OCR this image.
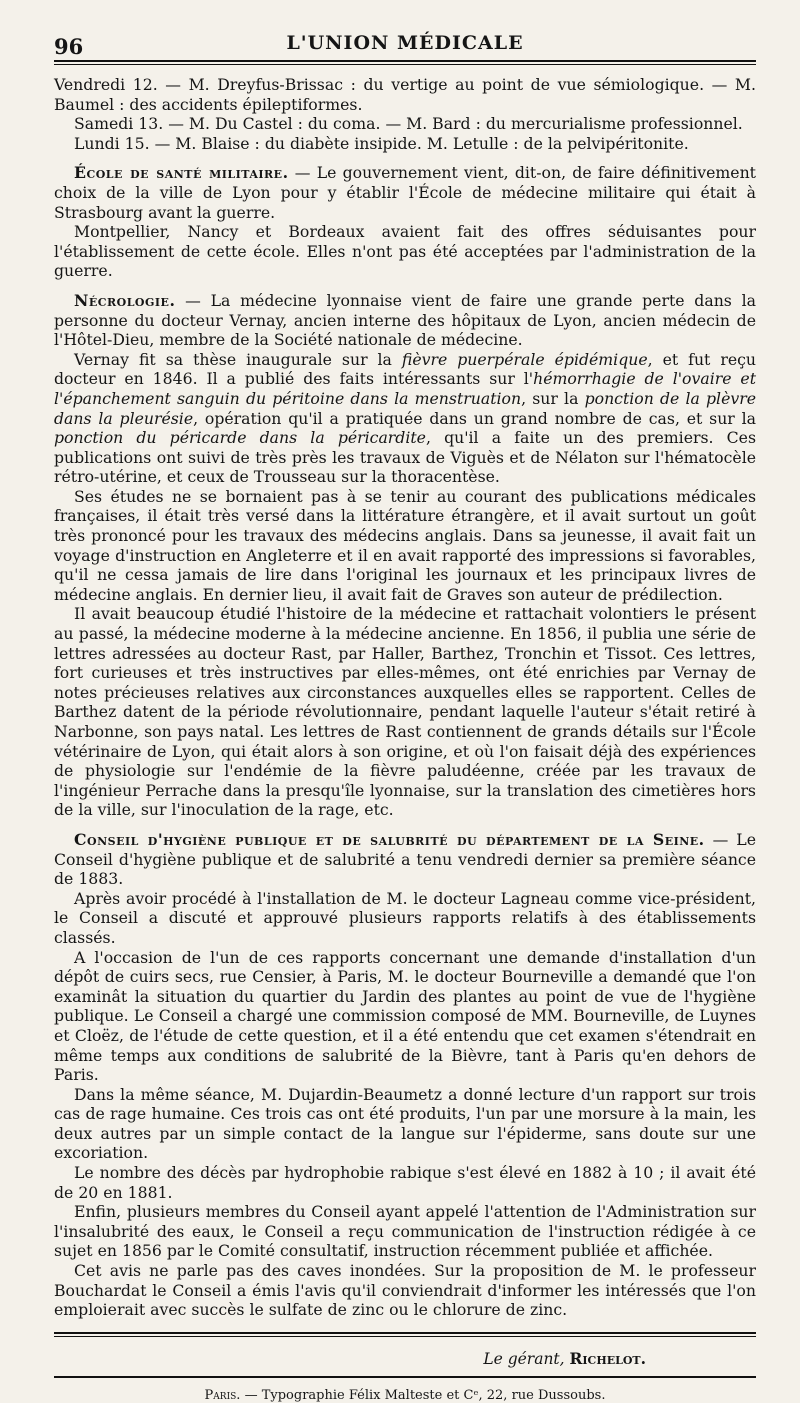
96	L'UNION MÉDICALE

Vendredi 12. — M. Dreyfus-Brissac : du vertige au point de vue sémiologique. — M. Baumel : des accidents épileptiformes.

Samedi 13. — M. Du Castel : du coma. — M. Bard : du mercurialisme professionnel.

Lundi 15. — M. Blaise : du diabète insipide. M. Letulle : de la pelvipéritonite.

École de santé militaire. — Le gouvernement vient, dit-on, de faire définitivement choix de la ville de Lyon pour y établir l'École de médecine militaire qui était à Strasbourg avant la guerre.

Montpellier, Nancy et Bordeaux avaient fait des offres séduisantes pour l'établissement de cette école. Elles n'ont pas été acceptées par l'administration de la guerre.

Nécrologie. — La médecine lyonnaise vient de faire une grande perte dans la personne du docteur Vernay, ancien interne des hôpitaux de Lyon, ancien médecin de l'Hôtel-Dieu, membre de la Société nationale de médecine.

Vernay fit sa thèse inaugurale sur la fièvre puerpérale épidémique, et fut reçu docteur en 1846. Il a publié des faits intéressants sur l'hémorrhagie de l'ovaire et l'épanchement sanguin du péritoine dans la menstruation, sur la ponction de la plèvre dans la pleurésie, opération qu'il a pratiquée dans un grand nombre de cas, et sur la ponction du péricarde dans la péricardite, qu'il a faite un des premiers. Ces publications ont suivi de très près les travaux de Viguès et de Nélaton sur l'hématocèle rétro-utérine, et ceux de Trousseau sur la thoracentèse.

Ses études ne se bornaient pas à se tenir au courant des publications médicales françaises, il était très versé dans la littérature étrangère, et il avait surtout un goût très prononcé pour les travaux des médecins anglais. Dans sa jeunesse, il avait fait un voyage d'instruction en Angleterre et il en avait rapporté des impressions si favorables, qu'il ne cessa jamais de lire dans l'original les journaux et les principaux livres de médecine anglais. En dernier lieu, il avait fait de Graves son auteur de prédilection.

Il avait beaucoup étudié l'histoire de la médecine et rattachait volontiers le présent au passé, la médecine moderne à la médecine ancienne. En 1856, il publia une série de lettres adressées au docteur Rast, par Haller, Barthez, Tronchin et Tissot. Ces lettres, fort curieuses et très instructives par elles-mêmes, ont été enrichies par Vernay de notes précieuses relatives aux circonstances auxquelles elles se rapportent. Celles de Barthez datent de la période révolutionnaire, pendant laquelle l'auteur s'était retiré à Narbonne, son pays natal. Les lettres de Rast contiennent de grands détails sur l'École vétérinaire de Lyon, qui était alors à son origine, et où l'on faisait déjà des expériences de physiologie sur l'endémie de la fièvre paludéenne, créée par les travaux de l'ingénieur Perrache dans la presqu'île lyonnaise, sur la translation des cimetières hors de la ville, sur l'inoculation de la rage, etc.

Conseil d'hygiène publique et de salubrité du département de la Seine. — Le Conseil d'hygiène publique et de salubrité a tenu vendredi dernier sa première séance de 1883.

Après avoir procédé à l'installation de M. le docteur Lagneau comme vice-président, le Conseil a discuté et approuvé plusieurs rapports relatifs à des établissements classés.

A l'occasion de l'un de ces rapports concernant une demande d'installation d'un dépôt de cuirs secs, rue Censier, à Paris, M. le docteur Bourneville a demandé que l'on examinât la situation du quartier du Jardin des plantes au point de vue de l'hygiène publique. Le Conseil a chargé une commission composé de MM. Bourneville, de Luynes et Cloëz, de l'étude de cette question, et il a été entendu que cet examen s'étendrait en même temps aux conditions de salubrité de la Bièvre, tant à Paris qu'en dehors de Paris.

Dans la même séance, M. Dujardin-Beaumetz a donné lecture d'un rapport sur trois cas de rage humaine. Ces trois cas ont été produits, l'un par une morsure à la main, les deux autres par un simple contact de la langue sur l'épiderme, sans doute sur une excoriation.

Le nombre des décès par hydrophobie rabique s'est élevé en 1882 à 10 ; il avait été de 20 en 1881.

Enfin, plusieurs membres du Conseil ayant appelé l'attention de l'Administration sur l'insalubrité des eaux, le Conseil a reçu communication de l'instruction rédigée à ce sujet en 1856 par le Comité consultatif, instruction récemment publiée et affichée.

Cet avis ne parle pas des caves inondées. Sur la proposition de M. le professeur Bouchardat le Conseil a émis l'avis qu'il conviendrait d'informer les intéressés que l'on emploierait avec succès le sulfate de zinc ou le chlorure de zinc.

Le gérant, Richelot.
Paris. — Typographie Félix Malteste et Cᵉ, 22, rue Dussoubs.
